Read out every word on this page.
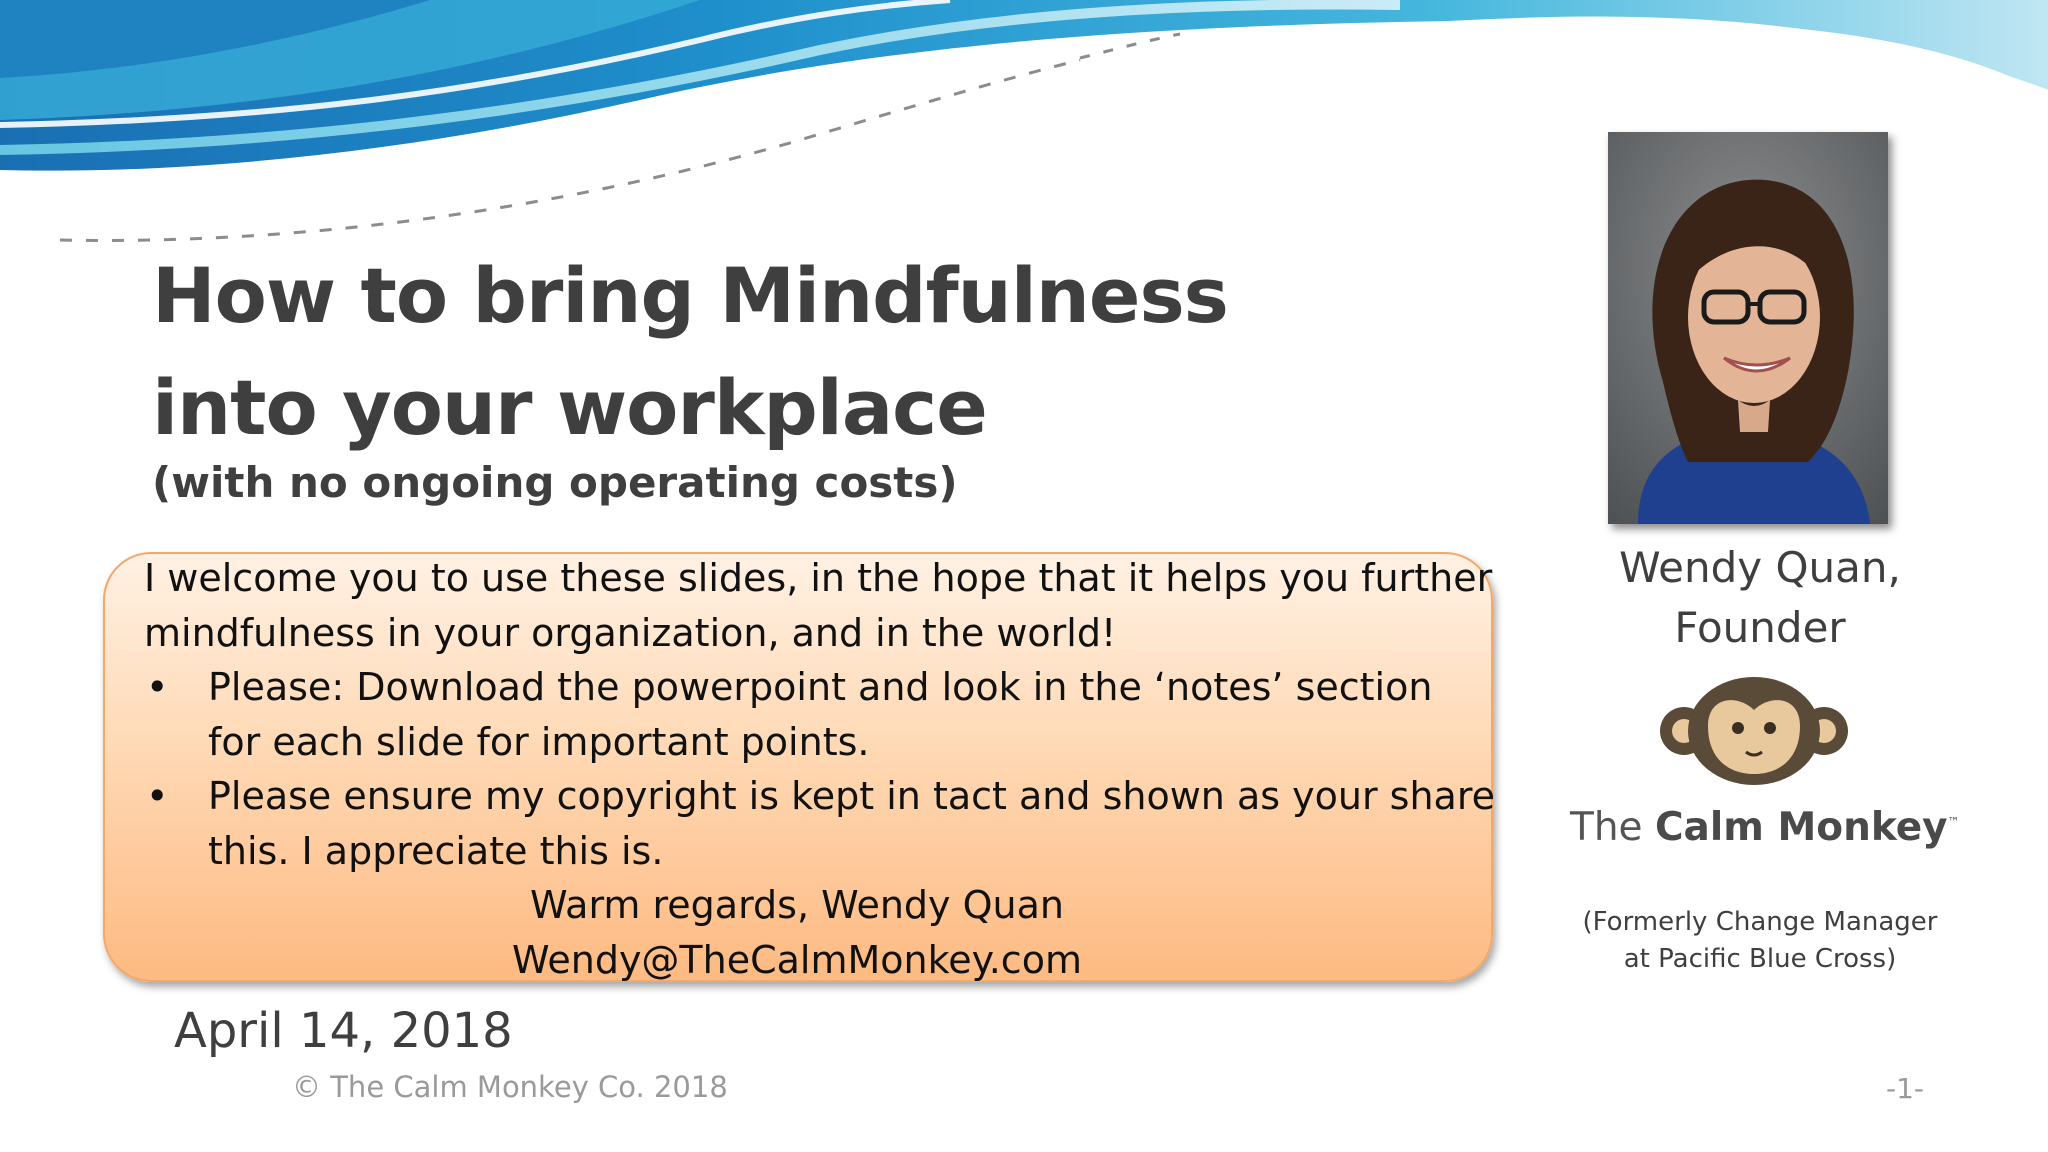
How to bring Mindfulness
into your workplace
(with no ongoing operating costs)
I welcome you to use these slides, in the hope that it helps you further
mindfulness in your organization, and in the world!
• Please: Download the powerpoint and look in the ‘notes’ section
for each slide for important points.
• Please ensure my copyright is kept in tact and shown as your share
this. I appreciate this is.
Warm regards, Wendy Quan
Wendy@TheCalmMonkey.com
April 14, 2018
© The Calm Monkey Co. 2018	-1-
Wendy Quan,
Founder
The Calm Monkey™
(Formerly Change Manager
at Pacific Blue Cross)
